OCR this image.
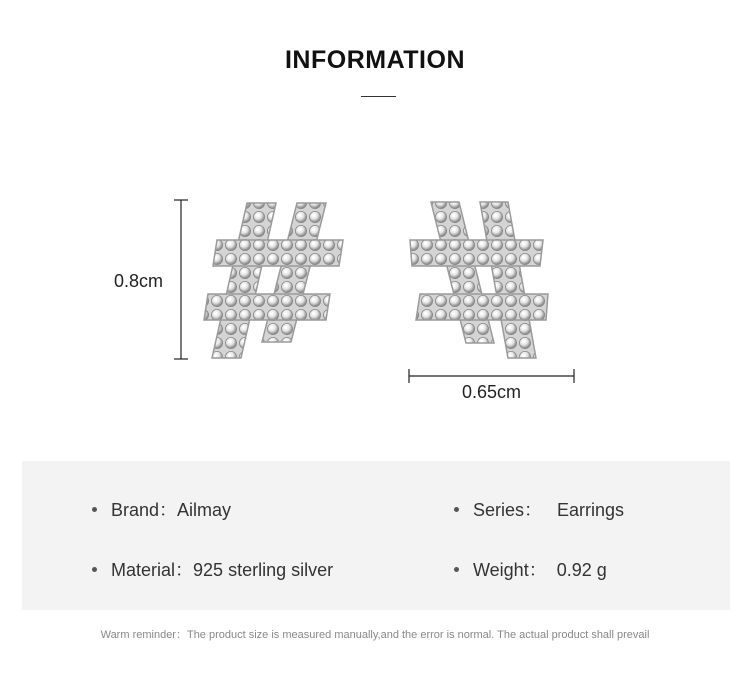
INFORMATION
0.8cm
0.65cm
Brand：Ailmay	Series：   Earrings
Material：925 sterling silver	Weight：  0.92 g
Warm reminder：The product size is measured manually,and the error is normal. The actual product shall prevail
